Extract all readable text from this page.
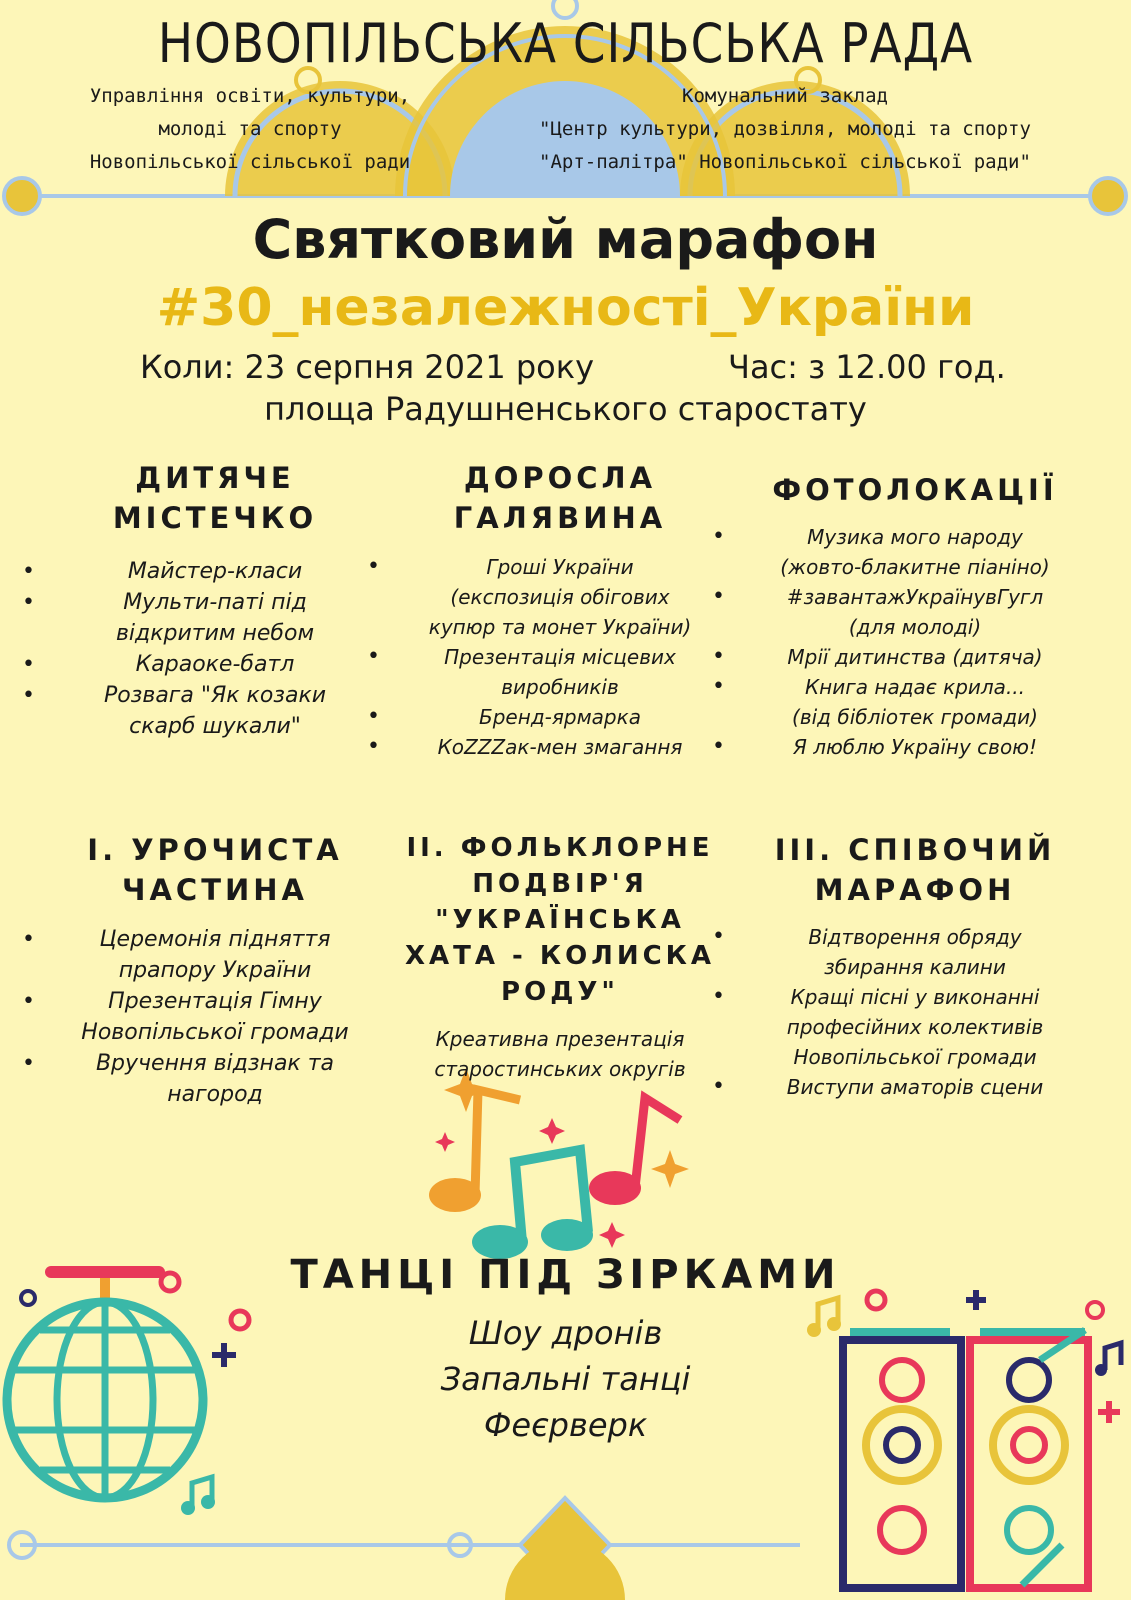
НОВОПІЛЬСЬКА СІЛЬСЬКА РАДА
Управління освіти, культури,
молоді та спорту
Новопільської сільської ради
Комунальний заклад
"Центр культури, дозвілля, молоді та спорту
"Арт-палітра" Новопільської сільської ради"
Святковий марафон
#30_незалежності_України
Коли: 23 серпня 2021 року	Час: з 12.00 год.
площа Радушненського старостату
ДИТЯЧЕ
МІСТЕЧКО
• Майстер-класи
• Мульти-паті під
відкритим небом
• Караоке-батл
• Розвага "Як козаки
скарб шукали"
ДОРОСЛА
ГАЛЯВИНА
• Гроші України
(експозиція обігових
купюр та монет України)
• Презентація місцевих
виробників
• Бренд-ярмарка
• КоZZZак-мен змагання
ФОТОЛОКАЦІЇ
• Музика мого народу
(жовто-блакитне піаніно)
• #завантажУкраїнувГугл
(для молоді)
• Мрії дитинства (дитяча)
• Книга надає крила...
(від бібліотек громади)
• Я люблю Україну свою!
І. УРОЧИСТА
ЧАСТИНА
• Церемонія підняття
прапору України
• Презентація Гімну
Новопільської громади
• Вручення відзнак та
нагород
ІІ. ФОЛЬКЛОРНЕ
ПОДВІР'Я
"УКРАЇНСЬКА
ХАТА - КОЛИСКА
РОДУ"
Креативна презентація
старостинських округів
ІІІ. СПІВОЧИЙ
МАРАФОН
• Відтворення обряду
збирання калини
• Кращі пісні у виконанні
професійних колективів
Новопільської громади
• Виступи аматорів сцени
ТАНЦІ ПІД ЗІРКАМИ
Шоу дронів
Запальні танці
Феєрверк
